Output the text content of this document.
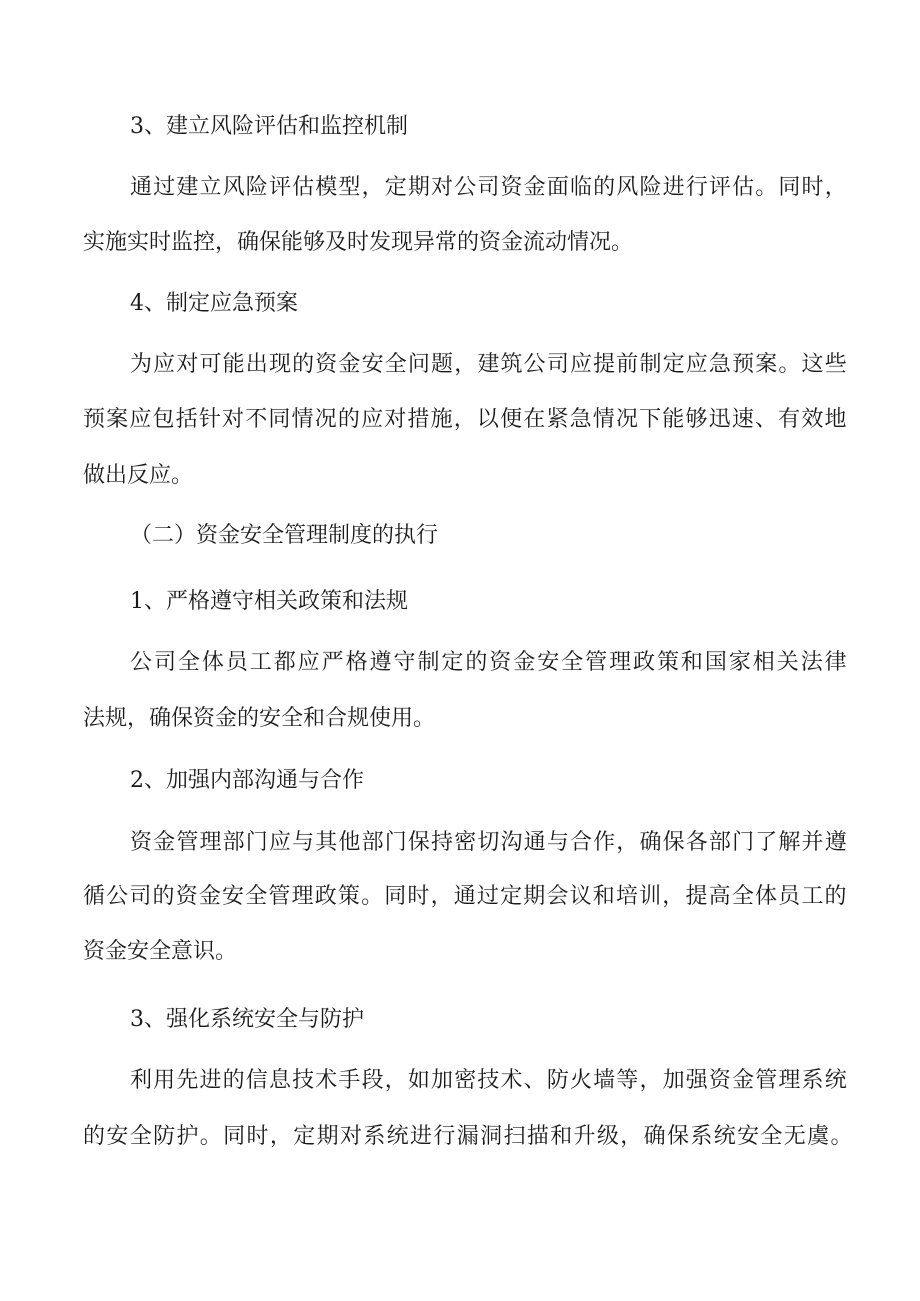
3、建立风险评估和监控机制
通 过 建 立 风 险 评 估 模 型 ， 定 期 对 公 司 资 金 面 临 的 风 险 进 行 评 估 。 同 时 ，
实施实时监控，确保能够及时发现异常的资金流动情况。
4、制定应急预案
为 应 对 可 能 出 现 的 资 金 安 全 问 题 ， 建 筑 公 司 应 提 前 制 定 应 急 预 案 。 这 些
预 案 应 包 括 针 对 不 同 情 况 的 应 对 措 施 ， 以 便 在 紧 急 情 况 下 能 够 迅 速 、 有 效 地
做出反应。
（二）资金安全管理制度的执行
1、严格遵守相关政策和法规
公 司 全 体 员 工 都 应 严 格 遵 守 制 定 的 资 金 安 全 管 理 政 策 和 国 家 相 关 法 律
法规，确保资金的安全和合规使用。
2、加强内部沟通与合作
资 金 管 理 部 门 应 与 其 他 部 门 保 持 密 切 沟 通 与 合 作 ， 确 保 各 部 门 了 解 并 遵
循 公 司 的 资 金 安 全 管 理 政 策 。 同 时 ， 通 过 定 期 会 议 和 培 训 ， 提 高 全 体 员 工 的
资金安全意识。
3、强化系统安全与防护
利 用 先 进 的 信 息 技 术 手 段 ， 如 加 密 技 术 、 防 火 墙 等 ， 加 强 资 金 管 理 系 统
的 安 全 防 护 。 同 时 ， 定 期 对 系 统 进 行 漏 洞 扫 描 和 升 级 ， 确 保 系 统 安 全 无 虞 。
